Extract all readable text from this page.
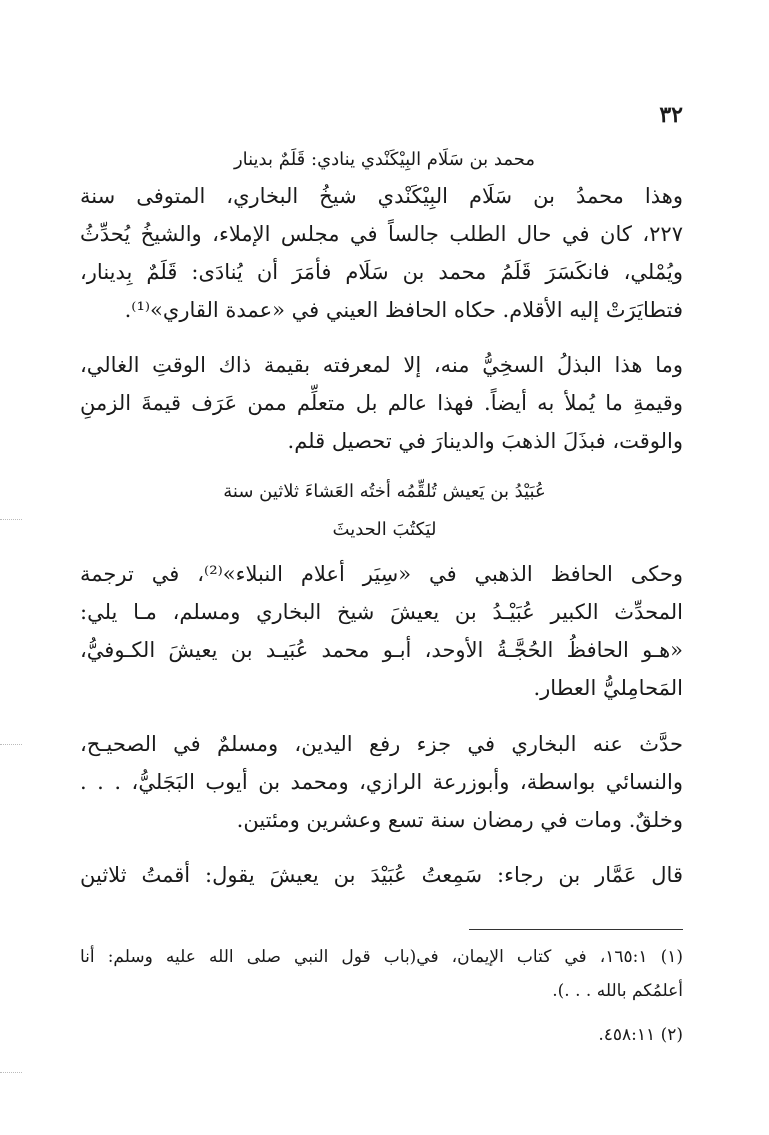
٣٢
محمد بن سَلَام البِيْكَنْدي ينادي: قَلَمٌ بدينار
وهذا محمدُ بن سَلَام البِيْكَنْدي شيخُ البخاري، المتوفى سنة
٢٢٧، كان في حال الطلب جالساً في مجلس الإملاء، والشيخُ يُحدِّثُ
ويُمْلي، فانكَسَرَ قَلَمُ محمد بن سَلَام فأمَرَ أن يُنادَى: قَلَمٌ بِدينار،
فتطايَرَتْ إليه الأقلام. حكاه الحافظ العيني في «عمدة القاري»⁽¹⁾.
وما هذا البذلُ السخِيُّ منه، إلا لمعرفته بقيمة ذاك الوقتِ الغالي،
وقيمةِ ما يُملأ به أيضاً. فهذا عالم بل متعلِّم ممن عَرَف قيمةَ الزمنِ
والوقت، فبذَلَ الذهبَ والدينارَ في تحصيل قلم.
عُبَيْدُ بن يَعيش تُلقِّمُه أختُه العَشاءَ ثلاثين سنة
ليَكتُبَ الحديثَ
وحكى الحافظ الذهبي في «سِيَر أعلام النبلاء»⁽²⁾، في ترجمة
المحدِّث الكبير عُبَيْـدُ بن يعيشَ شيخ البخاري ومسلم، مـا يلي:
«هـو الحافظُ الحُجَّـةُ الأوحد، أبـو محمد عُبَيـد بن يعيشَ الكـوفيُّ،
المَحامِليُّ العطار.
حدَّث عنه البخاري في جزء رفع اليدين، ومسلمٌ في الصحيـح،
والنسائي بواسطة، وأبوزرعة الرازي، ومحمد بن أيوب البَجَليُّ، . . .
وخلقٌ. ومات في رمضان سنة تسع وعشرين ومئتين.
قال عَمَّار بن رجاء: سَمِعتُ عُبَيْدَ بن يعيشَ يقول: أقمتُ ثلاثين
(١) ١٦٥:١، في كتاب الإيمان، في(باب قول النبي صلى الله عليه وسلم: أنا
أعلمُكم بالله . . .).
(٢) ٤٥٨:١١.
